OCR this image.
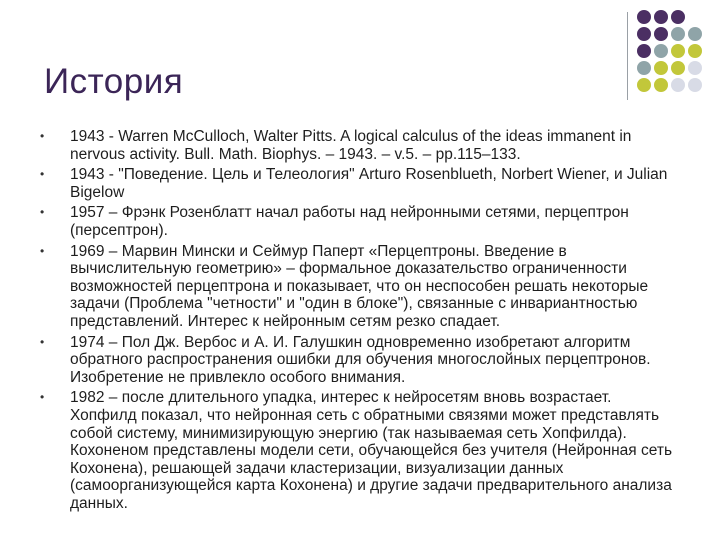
История
• 1943 - Warren McCulloch, Walter Pitts. A logical calculus of the ideas immanent in nervous activity. Bull. Math. Biophys. – 1943. – v.5. – pp.115–133.
• 1943 - "Поведение. Цель и Телеология" Arturo Rosenblueth, Norbert Wiener, и Julian Bigelow
• 1957 – Фрэнк Розенблатт начал работы над нейронными сетями, перцептрон (персептрон).
• 1969 – Марвин Мински и Сеймур Паперт «Перцептроны. Введение в вычислительную геометрию» – формальное доказательство ограниченности возможностей перцептрона и показывает, что он неспособен решать некоторые задачи (Проблема "четности" и "один в блоке"), связанные с инвариантностью представлений. Интерес к нейронным сетям резко спадает.
• 1974 – Пол Дж. Вербос и А. И. Галушкин одновременно изобретают алгоритм обратного распространения ошибки для обучения многослойных перцептронов. Изобретение не привлекло особого внимания.
• 1982 – после длительного упадка, интерес к нейросетям вновь возрастает. Хопфилд показал, что нейронная сеть с обратными связями может представлять собой систему, минимизирующую энергию (так называемая сеть Хопфилда). Кохоненом представлены модели сети, обучающейся без учителя (Нейронная сеть Кохонена), решающей задачи кластеризации, визуализации данных (самоорганизующейся карта Кохонена) и другие задачи предварительного анализа данных.
